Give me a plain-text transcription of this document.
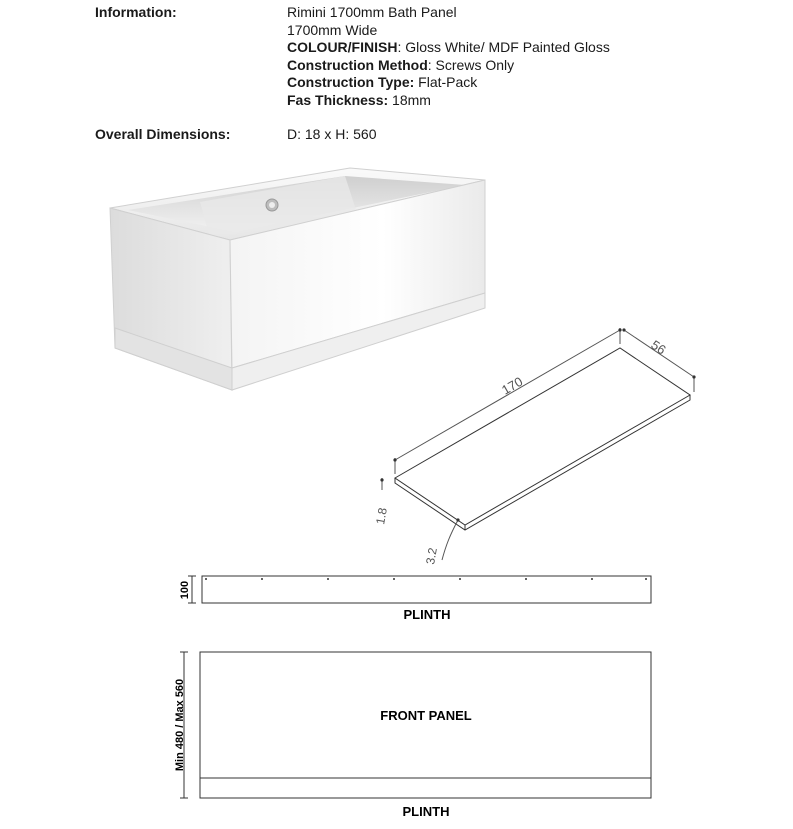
Information:	Rimini 1700mm Bath Panel
1700mm Wide
COLOUR/FINISH: Gloss White/ MDF Painted Gloss
Construction Method: Screws Only
Construction Type: Flat-Pack
Fas Thickness: 18mm
Overall Dimensions:	D: 18 x H: 560
170
56
1.8
3.2
100
PLINTH
Min 480 / Max 560	FRONT PANEL
PLINTH
